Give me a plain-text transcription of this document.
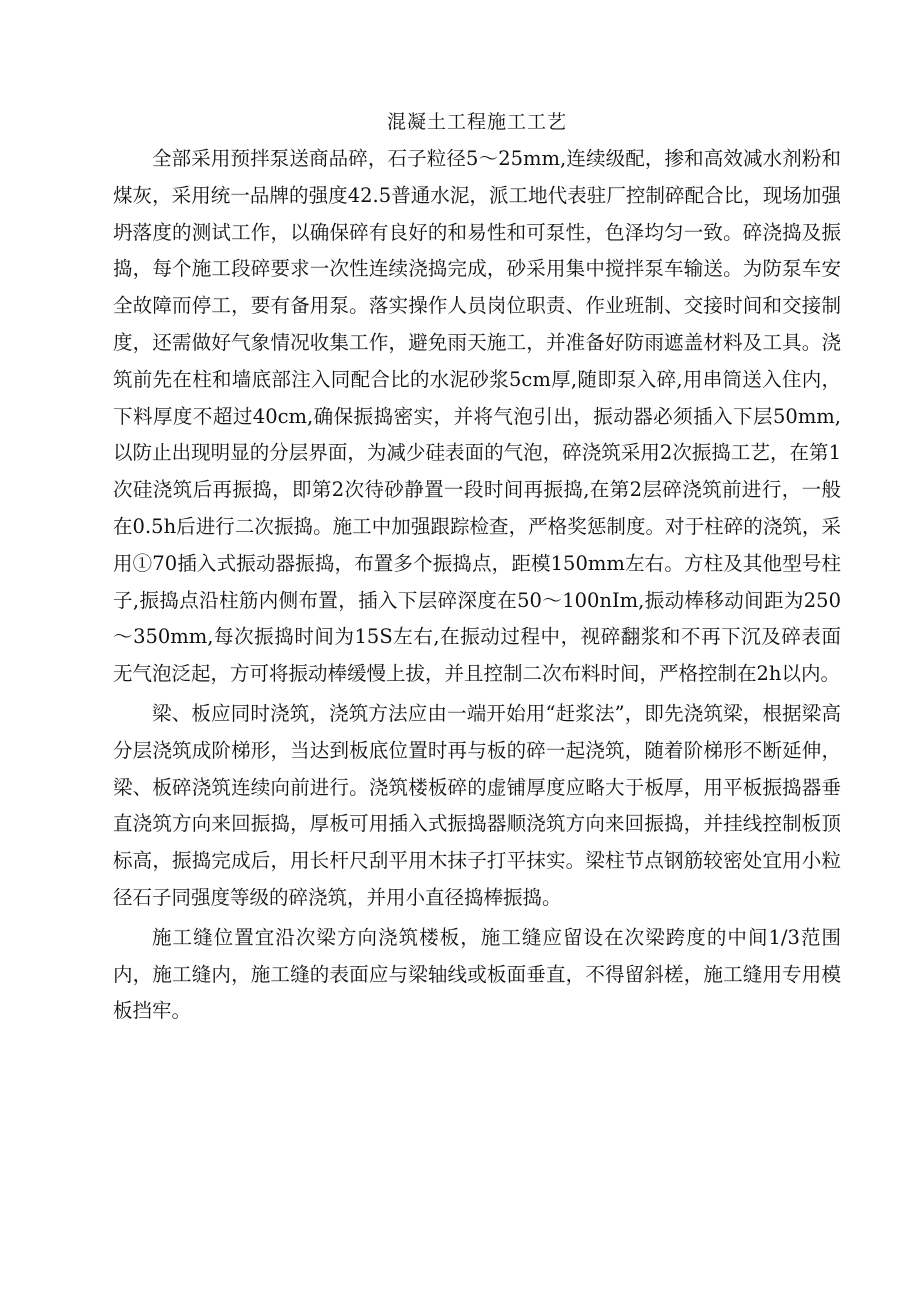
混凝土工程施工工艺

全部采用预拌泵送商品碎，石子粒径5～25mm,连续级配，掺和高效减水剂粉和煤灰，采用统一品牌的强度42.5普通水泥，派工地代表驻厂控制碎配合比，现场加强坍落度的测试工作，以确保碎有良好的和易性和可泵性，色泽均匀一致。碎浇捣及振捣，每个施工段碎要求一次性连续浇捣完成，砂采用集中搅拌泵车输送。为防泵车安全故障而停工，要有备用泵。落实操作人员岗位职责、作业班制、交接时间和交接制度，还需做好气象情况收集工作，避免雨天施工，并准备好防雨遮盖材料及工具。浇筑前先在柱和墙底部注入同配合比的水泥砂浆5cm厚,随即泵入碎,用串筒送入住内，下料厚度不超过40cm,确保振捣密实，并将气泡引出，振动器必须插入下层50mm,以防止出现明显的分层界面，为减少硅表面的气泡，碎浇筑采用2次振捣工艺，在第1次硅浇筑后再振捣，即第2次待砂静置一段时间再振捣,在第2层碎浇筑前进行，一般在0.5h后进行二次振捣。施工中加强跟踪检查，严格奖惩制度。对于柱碎的浇筑，采用①70插入式振动器振捣，布置多个振捣点，距模150mm左右。方柱及其他型号柱子,振捣点沿柱筋内侧布置，插入下层碎深度在50～100nIm,振动棒移动间距为250～350mm,每次振捣时间为15S左右,在振动过程中，视碎翻浆和不再下沉及碎表面无气泡泛起，方可将振动棒缓慢上拔，并且控制二次布料时间，严格控制在2h以内。

梁、板应同时浇筑，浇筑方法应由一端开始用“赶浆法”，即先浇筑梁，根据梁高分层浇筑成阶梯形，当达到板底位置时再与板的碎一起浇筑，随着阶梯形不断延伸，梁、板碎浇筑连续向前进行。浇筑楼板碎的虚铺厚度应略大于板厚，用平板振捣器垂直浇筑方向来回振捣，厚板可用插入式振捣器顺浇筑方向来回振捣，并挂线控制板顶标高，振捣完成后，用长杆尺刮平用木抹子打平抹实。梁柱节点钢筋较密处宜用小粒径石子同强度等级的碎浇筑，并用小直径捣棒振捣。

施工缝位置宜沿次梁方向浇筑楼板，施工缝应留设在次梁跨度的中间1/3范围内，施工缝内，施工缝的表面应与梁轴线或板面垂直，不得留斜槎，施工缝用专用模板挡牢。
